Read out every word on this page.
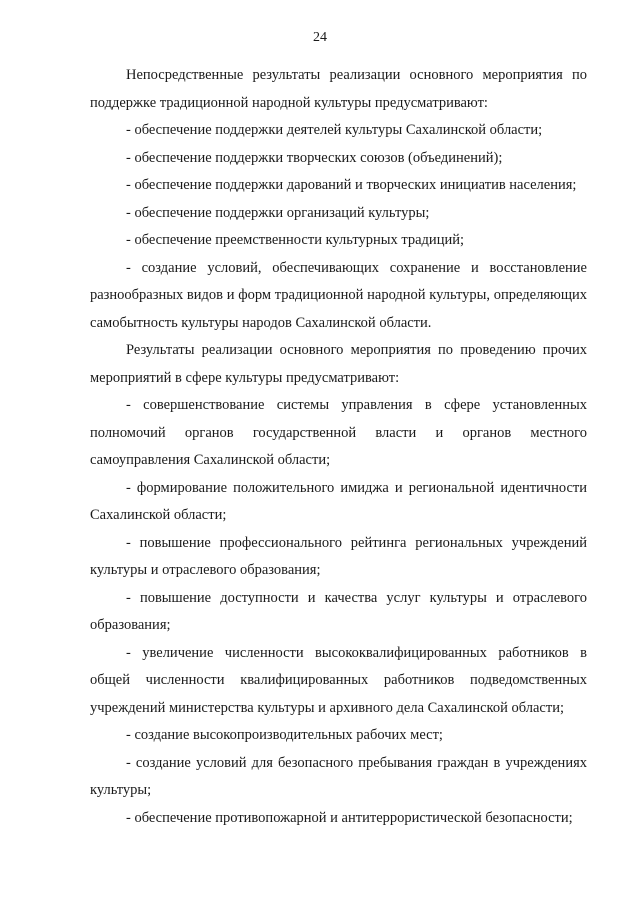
24

Непосредственные результаты реализации основного мероприятия по поддержке традиционной народной культуры предусматривают:

- обеспечение поддержки деятелей культуры Сахалинской области;

- обеспечение поддержки творческих союзов (объединений);

- обеспечение поддержки дарований и творческих инициатив населения;

- обеспечение поддержки организаций культуры;

- обеспечение преемственности культурных традиций;

- создание условий, обеспечивающих сохранение и восстановление разнообразных видов и форм традиционной народной культуры, определяющих самобытность культуры народов Сахалинской области.

Результаты реализации основного мероприятия по проведению прочих мероприятий в сфере культуры предусматривают:

- совершенствование системы управления в сфере установленных полномочий органов государственной власти и органов местного самоуправления Сахалинской области;

- формирование положительного имиджа и региональной идентичности Сахалинской области;

- повышение профессионального рейтинга региональных учреждений культуры и отраслевого образования;

- повышение доступности и качества услуг культуры и отраслевого образования;

- увеличение численности высококвалифицированных работников в общей численности квалифицированных работников подведомственных учреждений министерства культуры и архивного дела Сахалинской области;

- создание высокопроизводительных рабочих мест;

- создание условий для безопасного пребывания граждан в учреждениях культуры;

- обеспечение противопожарной и антитеррористической безопасности;
